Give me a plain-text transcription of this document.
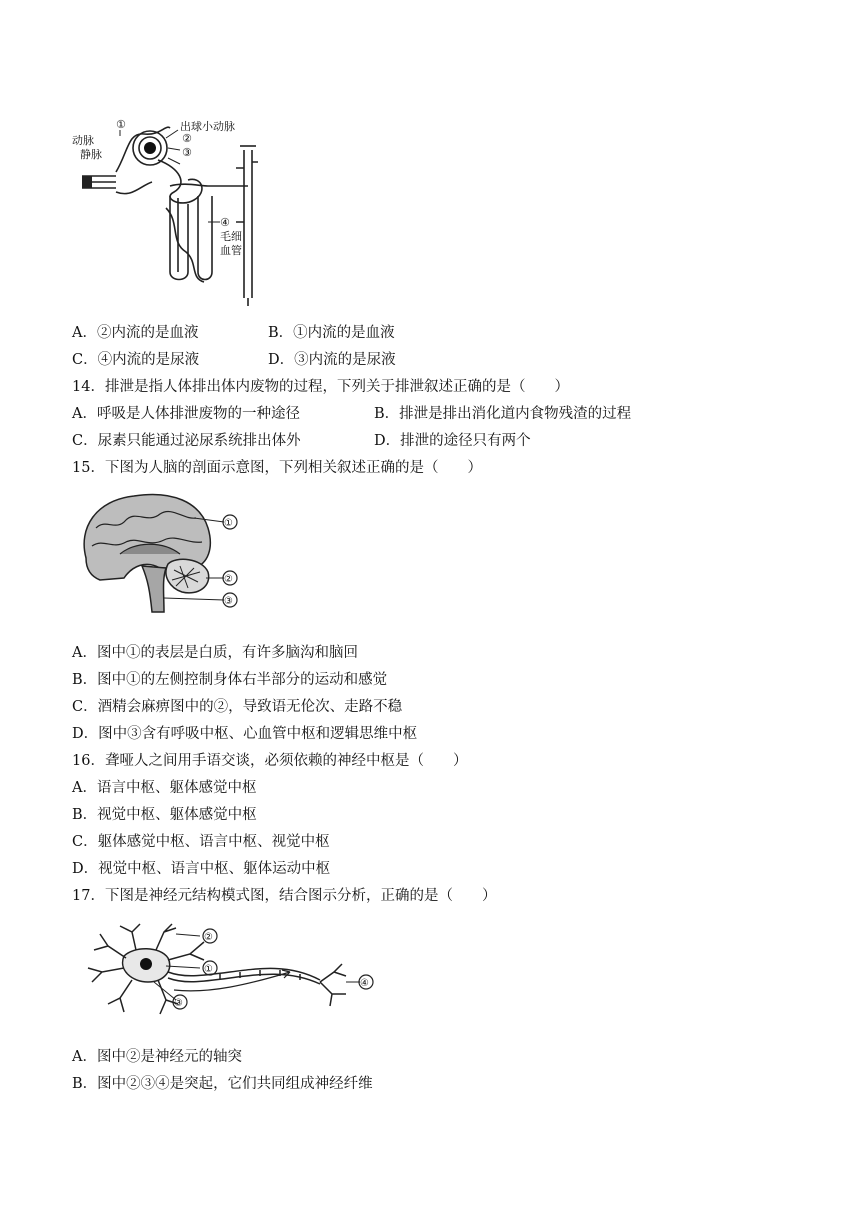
动脉
静脉
①	出球小动脉
②
③
④
毛细
血管
A．②内流的是血液	B．①内流的是血液
C．④内流的是尿液	D．③内流的是尿液
14．排泄是指人体排出体内废物的过程，下列关于排泄叙述正确的是（　　）
A．呼吸是人体排泄废物的一种途径	B．排泄是排出消化道内食物残渣的过程
C．尿素只能通过泌尿系统排出体外	D．排泄的途径只有两个
15．下图为人脑的剖面示意图，下列相关叙述正确的是（　　）
①
②
③
A．图中①的表层是白质，有许多脑沟和脑回
B．图中①的左侧控制身体右半部分的运动和感觉
C．酒精会麻痹图中的②，导致语无伦次、走路不稳
D．图中③含有呼吸中枢、心血管中枢和逻辑思维中枢
16．聋哑人之间用手语交谈，必须依赖的神经中枢是（　　）
A．语言中枢、躯体感觉中枢
B．视觉中枢、躯体感觉中枢
C．躯体感觉中枢、语言中枢、视觉中枢
D．视觉中枢、语言中枢、躯体运动中枢
17．下图是神经元结构模式图，结合图示分析，正确的是（　　）
②
①
③
④
A．图中②是神经元的轴突
B．图中②③④是突起，它们共同组成神经纤维
